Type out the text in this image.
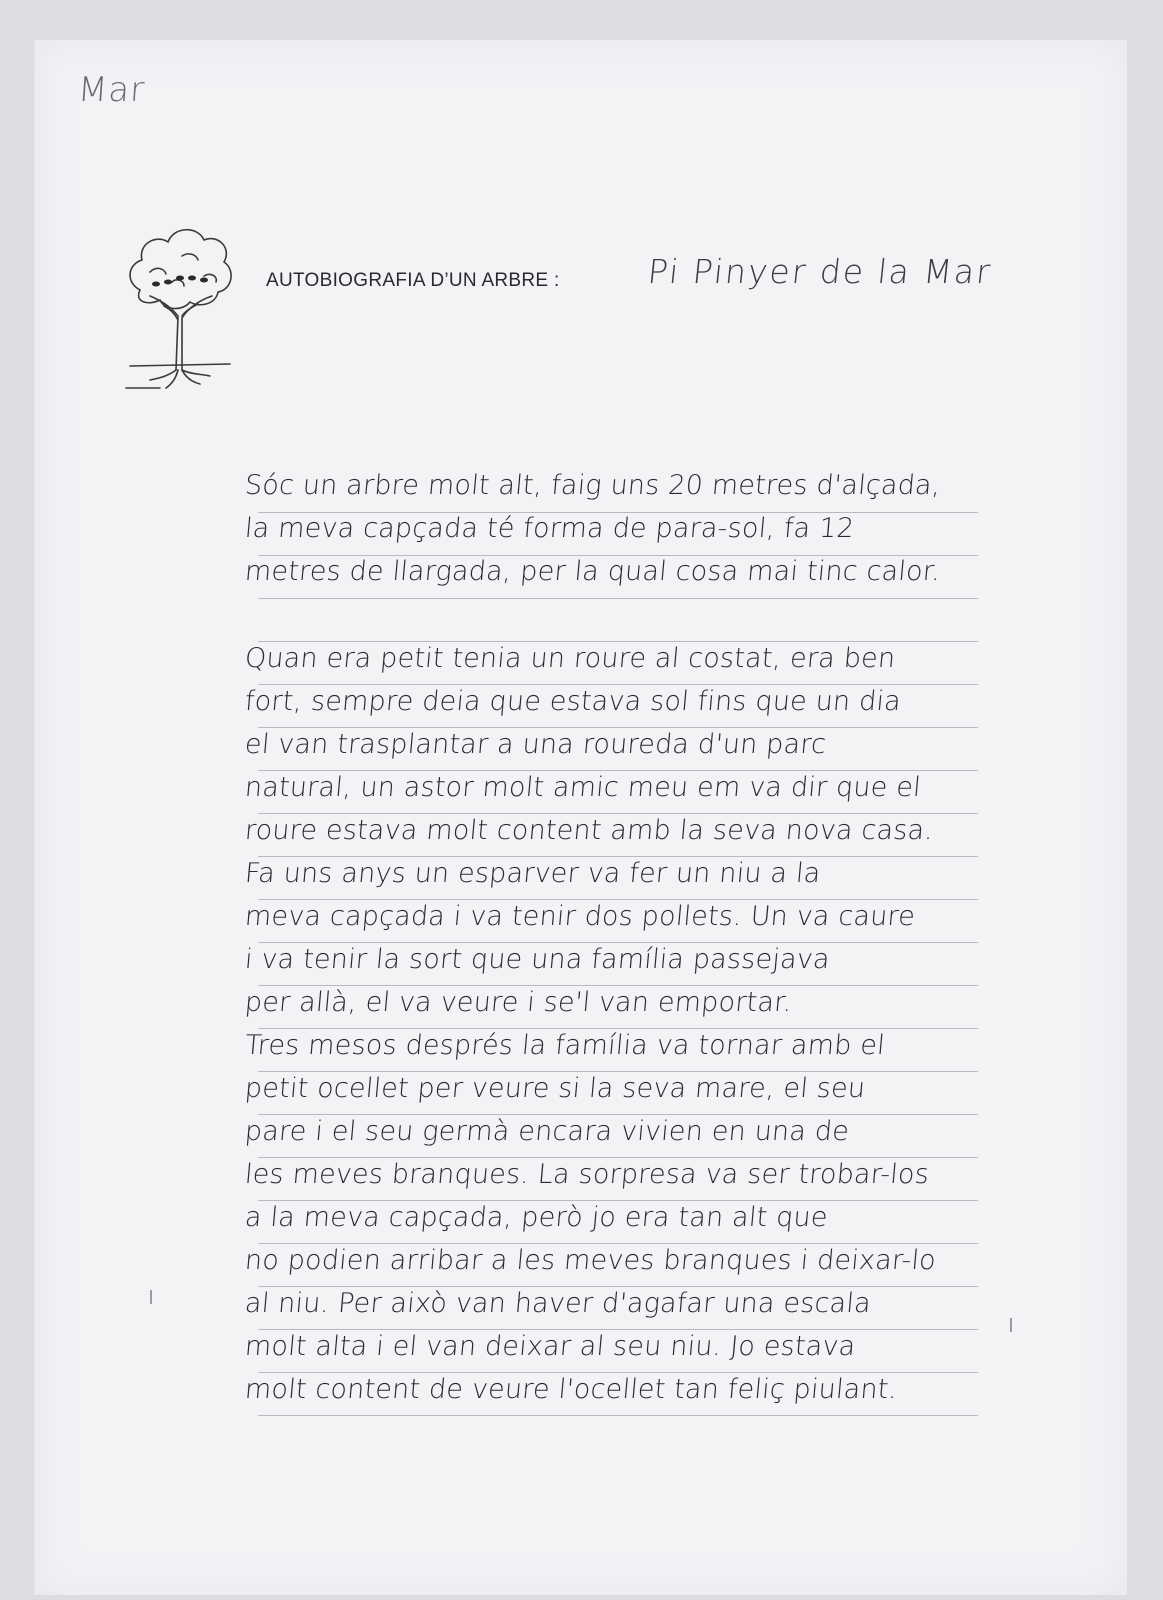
Mar
AUTOBIOGRAFIA D’UN ARBRE :	Pi Pinyer de la Mar
Sóc un arbre molt alt, faig uns 20 metres d'alçada,
la meva capçada té forma de para-sol, fa 12
metres de llargada, per la qual cosa mai tinc calor.
Quan era petit tenia un roure al costat, era ben
fort, sempre deia que estava sol fins que un dia
el van trasplantar a una roureda d'un parc
natural, un astor molt amic meu em va dir que el
roure estava molt content amb la seva nova casa.
Fa uns anys un esparver va fer un niu a la
meva capçada i va tenir dos pollets. Un va caure
i va tenir la sort que una família passejava
per allà, el va veure i se'l van emportar.
Tres mesos després la família va tornar amb el
petit ocellet per veure si la seva mare, el seu
pare i el seu germà encara vivien en una de
les meves branques. La sorpresa va ser trobar-los
a la meva capçada, però jo era tan alt que
no podien arribar a les meves branques i deixar-lo
al niu. Per això van haver d'agafar una escala
molt alta i el van deixar al seu niu. Jo estava
molt content de veure l'ocellet tan feliç piulant.
